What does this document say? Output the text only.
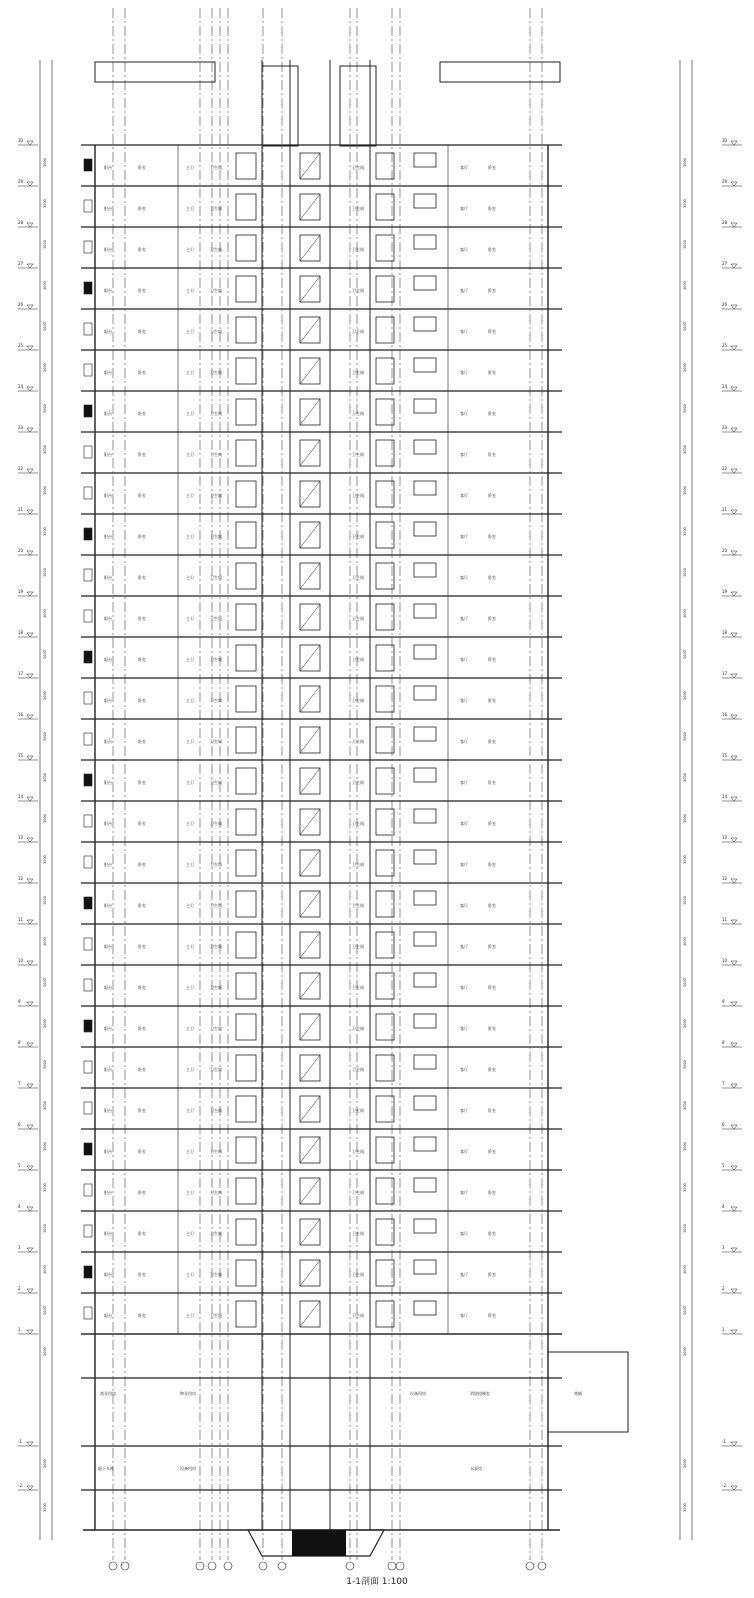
阳台	卧室	主卫	卫生间	卫生间	客厅	卧室
阳台	卧室	主卫	卫生间	卫生间	客厅	卧室
阳台	卧室	主卫	卫生间	卫生间	客厅	卧室
阳台	卧室	主卫	卫生间	卫生间	客厅	卧室
阳台	卧室	主卫	卫生间	卫生间	客厅	卧室
阳台	卧室	主卫	卫生间	卫生间	客厅	卧室
阳台	卧室	主卫	卫生间	卫生间	客厅	卧室
阳台	卧室	主卫	卫生间	卫生间	客厅	卧室
阳台	卧室	主卫	卫生间	卫生间	客厅	卧室
阳台	卧室	主卫	卫生间	卫生间	客厅	卧室
阳台	卧室	主卫	卫生间	卫生间	客厅	卧室
阳台	卧室	主卫	卫生间	卫生间	客厅	卧室
阳台	卧室	主卫	卫生间	卫生间	客厅	卧室
阳台	卧室	主卫	卫生间	卫生间	客厅	卧室
阳台	卧室	主卫	卫生间	卫生间	客厅	卧室
阳台	卧室	主卫	卫生间	卫生间	客厅	卧室
阳台	卧室	主卫	卫生间	卫生间	客厅	卧室
阳台	卧室	主卫	卫生间	卫生间	客厅	卧室
阳台	卧室	主卫	卫生间	卫生间	客厅	卧室
阳台	卧室	主卫	卫生间	卫生间	客厅	卧室
阳台	卧室	主卫	卫生间	卫生间	客厅	卧室
阳台	卧室	主卫	卫生间	卫生间	客厅	卧室
阳台	卧室	主卫	卫生间	卫生间	客厅	卧室
阳台	卧室	主卫	卫生间	卫生间	客厅	卧室
阳台	卧室	主卫	卫生间	卫生间	客厅	卧室
阳台	卧室	主卫	卫生间	卫生间	客厅	卧室
阳台	卧室	主卫	卫生间	卫生间	客厅	卧室
阳台	卧室	主卫	卫生间	卫生间	客厅	卧室
阳台	卧室	主卫	卫生间	卫生间	客厅	卧室
商业用房	物业用房	设备用房	消防控制室
地下车库	设备用房	水泵房
商铺
30	30
3000	3000
29	29
3000	3000
28	28
3000	3000
27	27
3000	3000
26	26
3000	3000
25	25
3000	3000
24	24
3000	3000
23	23
3000	3000
22	22
3000	3000
21	21
3000	3000
20	20
3000	3000
19	19
3000	3000
18	18
3000	3000
17	17
3000	3000
16	16
3000	3000
15	15
3000	3000
14	14
3000	3000
13	13
3000	3000
12	12
3000	3000
11	11
3000	3000
10	10
3000	3000
9	9
3000	3000
8	8
3000	3000
7	7
3000	3000
6	6
3000	3000
5	5
3000	3000
4	4
3000	3000
3	3
3000	3000
2	2
3000	3000
1	1
3000	3000
-1	-1
3000	3000
-2	-2
3000	3000
1-1剖面 1:100
